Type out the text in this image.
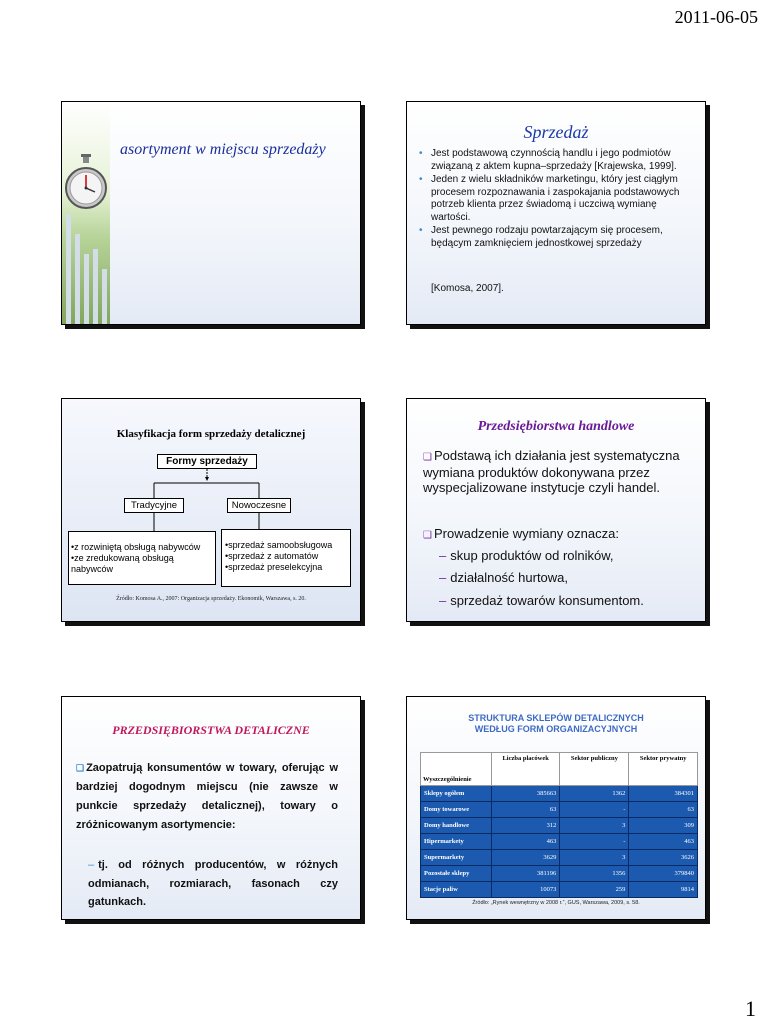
2011-06-05
asortyment w miejscu sprzedaży
Sprzedaż
• Jest podstawową czynnością handlu i jego podmiotów związaną z aktem kupna–sprzedaży [Krajewska, 1999].
• Jeden z wielu składników marketingu, który jest ciągłym procesem rozpoznawania i zaspokajania podstawowych potrzeb klienta przez świadomą i uczciwą wymianę wartości.
• Jest pewnego rodzaju powtarzającym się procesem, będącym zamknięciem jednostkowej sprzedaży
[Komosa, 2007].
Klasyfikacja form sprzedaży detalicznej
Formy sprzedaży
Tradycyjne	Nowoczesne
•z rozwiniętą obsługą nabywców
•ze zredukowaną obsługą nabywców
•sprzedaż samoobsługowa
•sprzedaż z automatów
•sprzedaż preselekcyjna
Źródło: Komosa A., 2007: Organizacja sprzedaży. Ekonomik, Warszawa, s. 20.
Przedsiębiorstwa handlowe
❑ Podstawą ich działania jest systematyczna wymiana produktów dokonywana przez wyspecjalizowane instytucje czyli handel.
❑ Prowadzenie wymiany oznacza:
– skup produktów od rolników,
– działalność hurtowa,
– sprzedaż towarów konsumentom.
PRZEDSIĘBIORSTWA DETALICZNE
❑ Zaopatrują konsumentów w towary, oferując w bardziej dogodnym miejscu (nie zawsze w punkcie sprzedaży detalicznej), towary o zróżnicowanym asortymencie:
– tj. od różnych producentów, w różnych odmianach, rozmiarach, fasonach czy gatunkach.
STRUKTURA SKLEPÓW DETALICZNYCH
WEDŁUG FORM ORGANIZACYJNYCH
Wyszczególnienie	Liczba placówek	Sektor publiczny	Sektor prywatny
Sklepy ogółem	385663	1362	384301
Domy towarowe	63	-	63
Domy handlowe	312	3	309
Hipermarkety	463	-	463
Supermarkety	3629	3	3626
Pozostałe sklepy	381196	1356	379840
Stacje paliw	10073	259	9814
Źródło: „Rynek wewnętrzny w 2008 r.”, GUS, Warszawa, 2009, s. 58.
1
